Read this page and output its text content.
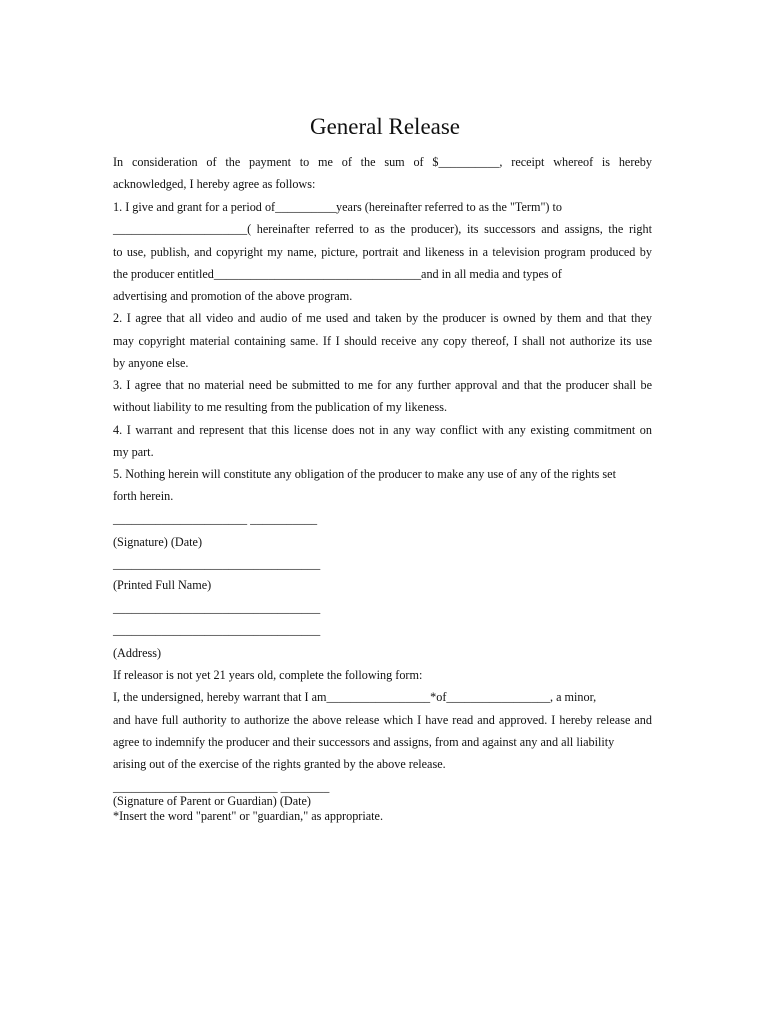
General Release
In consideration of the payment to me of the sum of $__________, receipt whereof is hereby
acknowledged, I hereby agree as follows:
1. I give and grant for a period of__________years (hereinafter referred to as the "Term") to
______________________( hereinafter referred to as the producer), its successors and assigns, the right
to use, publish, and copyright my name, picture, portrait and likeness in a television program produced by
the producer entitled__________________________________and in all media and types of
advertising and promotion of the above program.
2. I agree that all video and audio of me used and taken by the producer is owned by them and that they
may copyright material containing same. If I should receive any copy thereof, I shall not authorize its use
by anyone else.
3. I agree that no material need be submitted to me for any further approval and that the producer shall be
without liability to me resulting from the publication of my likeness.
4. I warrant and represent that this license does not in any way conflict with any existing commitment on
my part.
5. Nothing herein will constitute any obligation of the producer to make any use of any of the rights set
forth herein.
______________________ ___________
(Signature) (Date)
__________________________________
(Printed Full Name)
__________________________________
__________________________________
(Address)
If releasor is not yet 21 years old, complete the following form:
I, the undersigned, hereby warrant that I am_________________*of_________________, a minor,
and have full authority to authorize the above release which I have read and approved. I hereby release and
agree to indemnify the producer and their successors and assigns, from and against any and all liability
arising out of the exercise of the rights granted by the above release.
___________________________ ________
(Signature of Parent or Guardian) (Date)
*Insert the word "parent" or "guardian," as appropriate.
